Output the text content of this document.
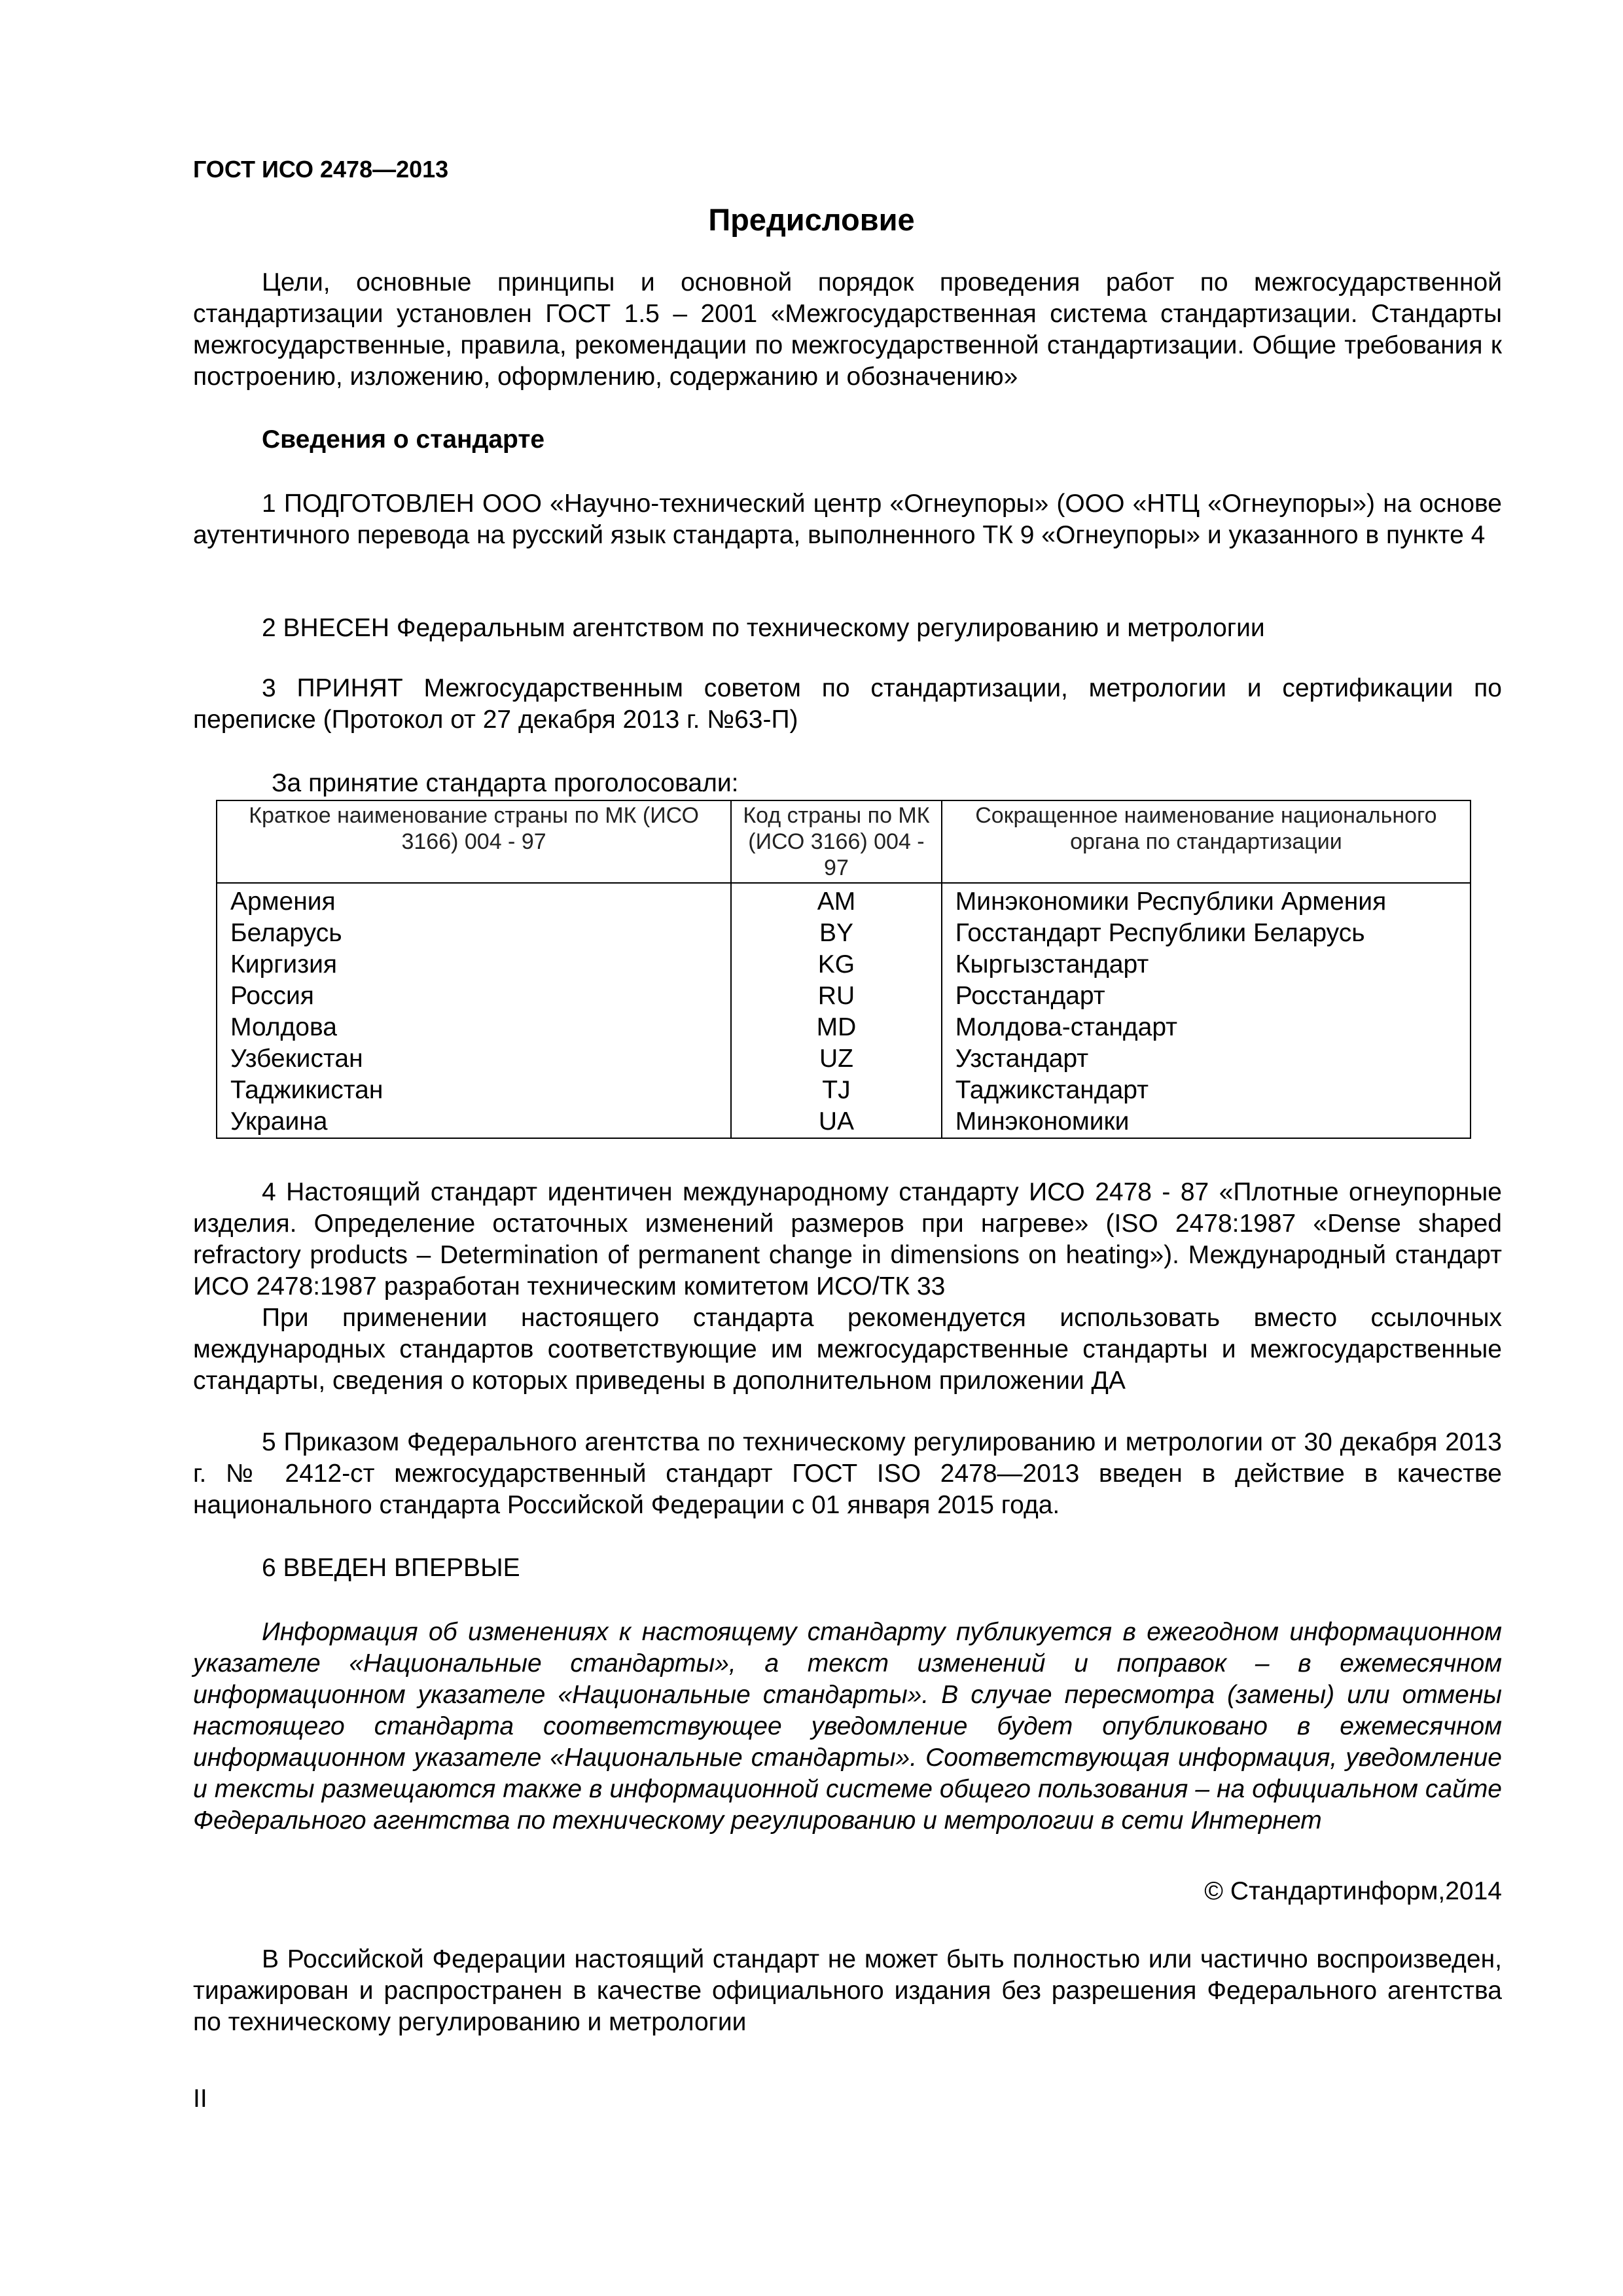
ГОСТ ИСО 2478—2013
Предисловие
Цели, основные принципы и основной порядок проведения работ по межгосударственной стандартизации установлен ГОСТ 1.5 – 2001 «Межгосударственная система стандартизации. Стандарты межгосударственные, правила, рекомендации по межгосударственной стандартизации. Общие требования к построению, изложению, оформлению, содержанию и обозначению»
Сведения о стандарте
1 ПОДГОТОВЛЕН ООО «Научно-технический центр «Огнеупоры» (ООО «НТЦ «Огнеупоры») на основе аутентичного перевода на русский язык стандарта, выполненного ТК 9 «Огнеупоры» и указанного в пункте 4
2 ВНЕСЕН Федеральным агентством по техническому регулированию и метрологии
3 ПРИНЯТ Межгосударственным советом по стандартизации, метрологии и сертификации по переписке (Протокол от 27 декабря 2013 г. №63-П)
За принятие стандарта проголосовали:
Краткое наименование страны по МК (ИСО 3166) 004 - 97	Код страны по МК (ИСО 3166) 004 - 97	Сокращенное наименование национального органа по стандартизации
Армения	AM	Минэкономики Республики Армения
Беларусь	BY	Госстандарт Республики Беларусь
Киргизия	KG	Кыргызстандарт
Россия	RU	Росстандарт
Молдова	MD	Молдова-стандарт
Узбекистан	UZ	Узстандарт
Таджикистан	TJ	Таджикстандарт
Украина	UA	Минэкономики
4 Настоящий стандарт идентичен международному стандарту ИСО 2478 - 87 «Плотные огнеупорные изделия. Определение остаточных изменений размеров при нагреве» (ISO 2478:1987 «Dense shaped refractory products – Determination of permanent change in dimensions on heating»). Международный стандарт ИСО 2478:1987 разработан техническим комитетом ИСО/ТК 33
При применении настоящего стандарта рекомендуется использовать вместо ссылочных международных стандартов соответствующие им межгосударственные стандарты и межгосударственные стандарты, сведения о которых приведены в дополнительном приложении ДА
5 Приказом Федерального агентства по техническому регулированию и метрологии от 30 декабря 2013 г. № 2412-ст межгосударственный стандарт ГОСТ ISO 2478—2013 введен в действие в качестве национального стандарта Российской Федерации с 01 января 2015 года.
6 ВВЕДЕН ВПЕРВЫЕ
Информация об изменениях к настоящему стандарту публикуется в ежегодном информационном указателе «Национальные стандарты», а текст изменений и поправок – в ежемесячном информационном указателе «Национальные стандарты». В случае пересмотра (замены) или отмены настоящего стандарта соответствующее уведомление будет опубликовано в ежемесячном информационном указателе «Национальные стандарты». Соответствующая информация, уведомление и тексты размещаются также в информационной системе общего пользования – на официальном сайте Федерального агентства по техническому регулированию и метрологии в сети Интернет
© Стандартинформ,2014
В Российской Федерации настоящий стандарт не может быть полностью или частично воспроизведен, тиражирован и распространен в качестве официального издания без разрешения Федерального агентства по техническому регулированию и метрологии
II
